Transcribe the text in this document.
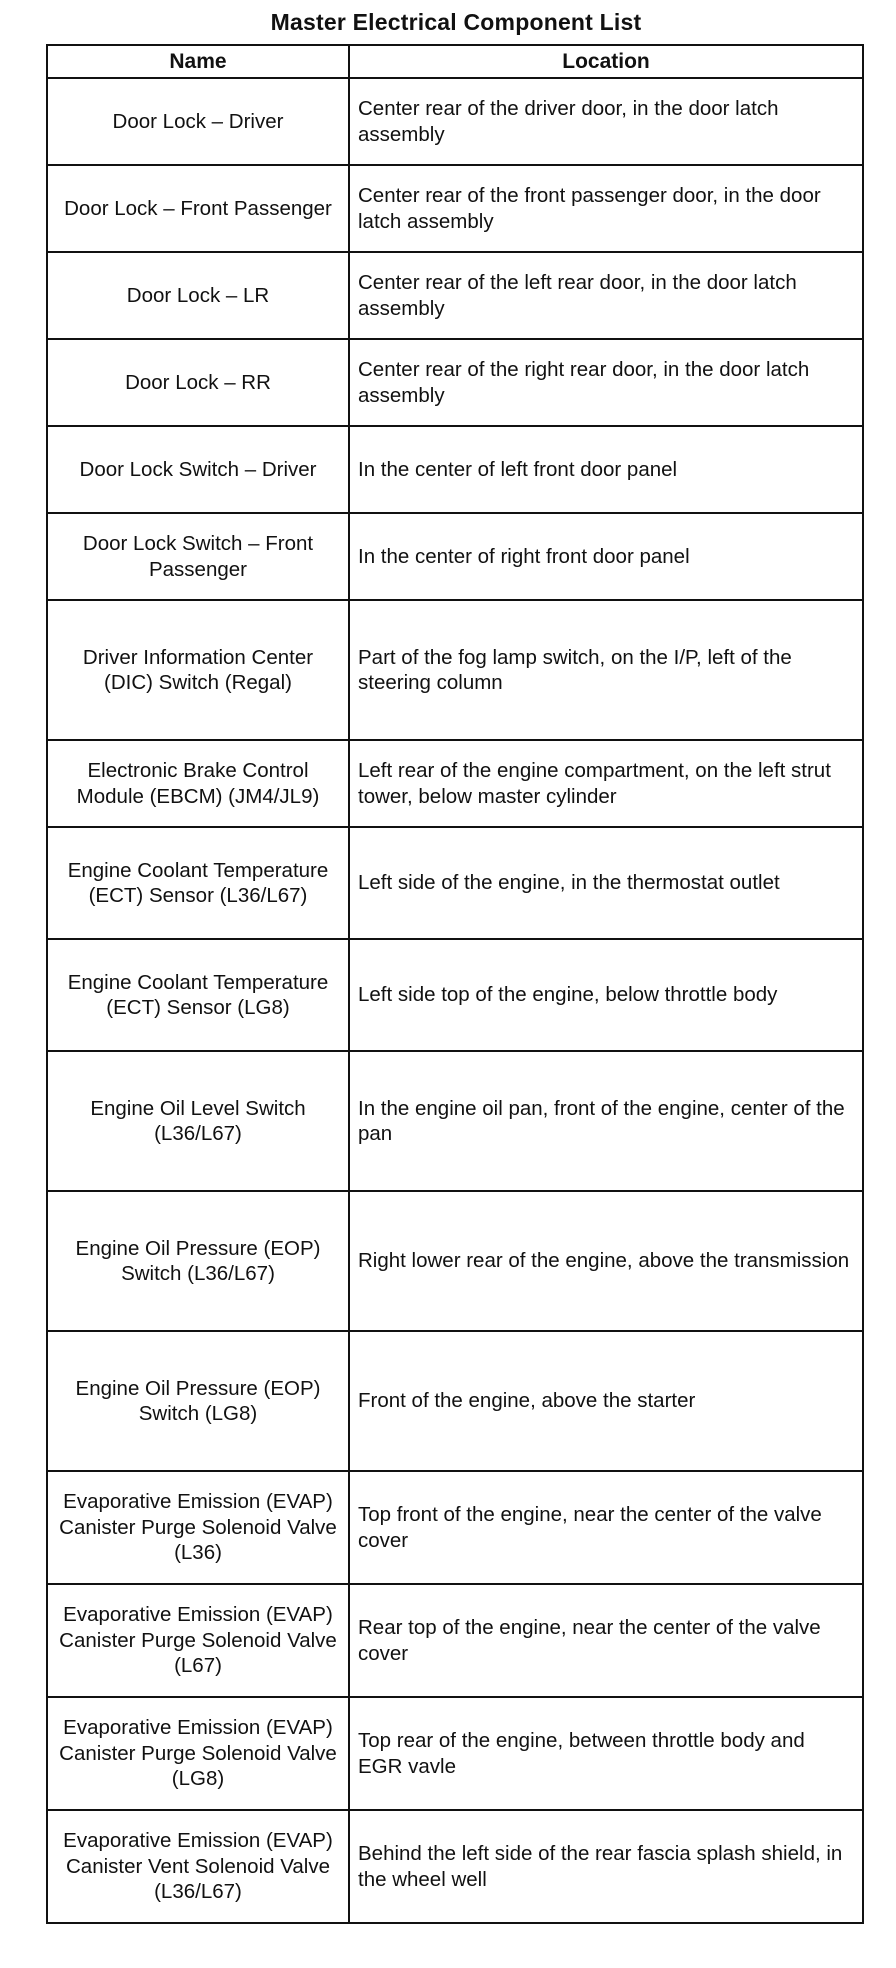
Master Electrical Component List
Name	Location
Door Lock – Driver	Center rear of the driver door, in the door latch assembly
Door Lock – Front Passenger	Center rear of the front passenger door, in the door latch assembly
Door Lock – LR	Center rear of the left rear door, in the door latch assembly
Door Lock – RR	Center rear of the right rear door, in the door latch assembly
Door Lock Switch – Driver	In the center of left front door panel
Door Lock Switch – Front Passenger	In the center of right front door panel
Driver Information Center (DIC) Switch (Regal)	Part of the fog lamp switch, on the I/P, left of the steering column
Electronic Brake Control Module (EBCM) (JM4/JL9)	Left rear of the engine compartment, on the left strut tower, below master cylinder
Engine Coolant Temperature (ECT) Sensor (L36/L67)	Left side of the engine, in the thermostat outlet
Engine Coolant Temperature (ECT) Sensor (LG8)	Left side top of the engine, below throttle body
Engine Oil Level Switch (L36/L67)	In the engine oil pan, front of the engine, center of the pan
Engine Oil Pressure (EOP) Switch (L36/L67)	Right lower rear of the engine, above the transmission
Engine Oil Pressure (EOP) Switch (LG8)	Front of the engine, above the starter
Evaporative Emission (EVAP) Canister Purge Solenoid Valve (L36)	Top front of the engine, near the center of the valve cover
Evaporative Emission (EVAP) Canister Purge Solenoid Valve (L67)	Rear top of the engine, near the center of the valve cover
Evaporative Emission (EVAP) Canister Purge Solenoid Valve (LG8)	Top rear of the engine, between throttle body and EGR vavle
Evaporative Emission (EVAP) Canister Vent Solenoid Valve (L36/L67)	Behind the left side of the rear fascia splash shield, in the wheel well
